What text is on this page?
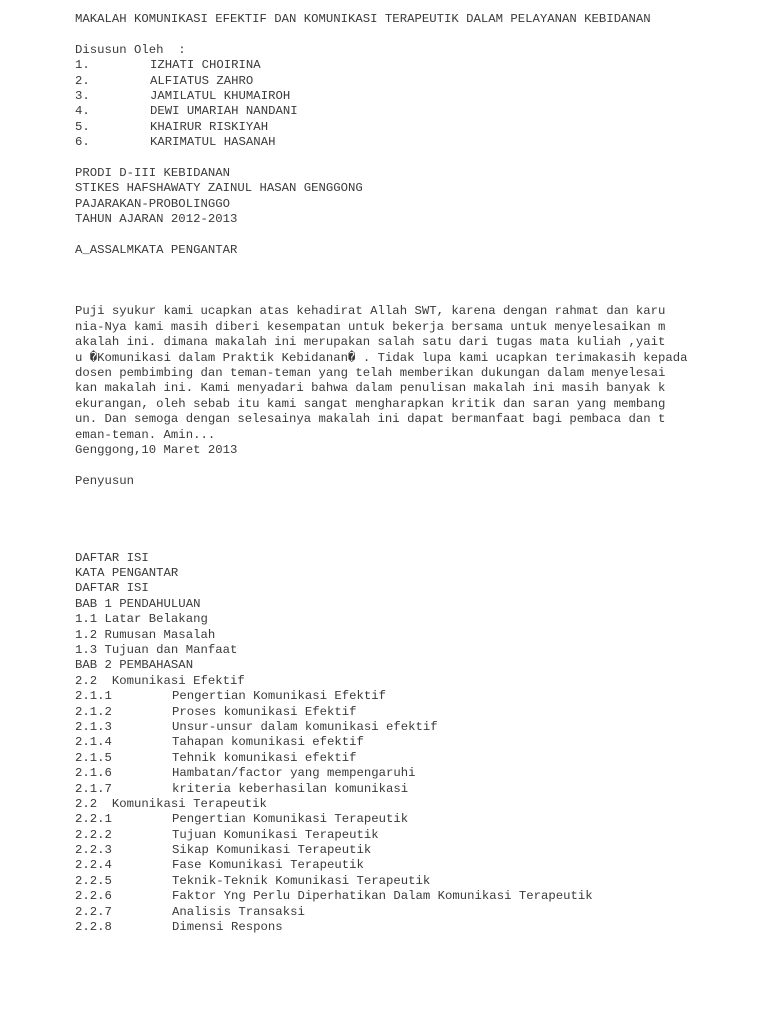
MAKALAH KOMUNIKASI EFEKTIF DAN KOMUNIKASI TERAPEUTIK DALAM PELAYANAN KEBIDANAN
Disusun Oleh  :
1.	IZHATI CHOIRINA
2.	ALFIATUS ZAHRO
3.	JAMILATUL KHUMAIROH
4.	DEWI UMARIAH NANDANI
5.	KHAIRUR RISKIYAH
6.	KARIMATUL HASANAH
PRODI D-III KEBIDANAN
STIKES HAFSHAWATY ZAINUL HASAN GENGGONG
PAJARAKAN-PROBOLINGGO
TAHUN AJARAN 2012-2013
A_ASSALMKATA PENGANTAR
Puji syukur kami ucapkan atas kehadirat Allah SWT, karena dengan rahmat dan karu
nia-Nya kami masih diberi kesempatan untuk bekerja bersama untuk menyelesaikan m
akalah ini. dimana makalah ini merupakan salah satu dari tugas mata kuliah ,yait
u �Komunikasi dalam Praktik Kebidanan� . Tidak lupa kami ucapkan terimakasih kepada
dosen pembimbing dan teman-teman yang telah memberikan dukungan dalam menyelesai
kan makalah ini. Kami menyadari bahwa dalam penulisan makalah ini masih banyak k
ekurangan, oleh sebab itu kami sangat mengharapkan kritik dan saran yang membang
un. Dan semoga dengan selesainya makalah ini dapat bermanfaat bagi pembaca dan t
eman-teman. Amin...
Genggong,10 Maret 2013
Penyusun
DAFTAR ISI
KATA PENGANTAR
DAFTAR ISI
BAB 1 PENDAHULUAN
1.1 Latar Belakang
1.2 Rumusan Masalah
1.3 Tujuan dan Manfaat
BAB 2 PEMBAHASAN
2.2  Komunikasi Efektif
2.1.1	Pengertian Komunikasi Efektif
2.1.2	Proses komunikasi Efektif
2.1.3	Unsur-unsur dalam komunikasi efektif
2.1.4	Tahapan komunikasi efektif
2.1.5	Tehnik komunikasi efektif
2.1.6	Hambatan/factor yang mempengaruhi
2.1.7	kriteria keberhasilan komunikasi
2.2  Komunikasi Terapeutik
2.2.1	Pengertian Komunikasi Terapeutik
2.2.2	Tujuan Komunikasi Terapeutik
2.2.3	Sikap Komunikasi Terapeutik
2.2.4	Fase Komunikasi Terapeutik
2.2.5	Teknik-Teknik Komunikasi Terapeutik
2.2.6	Faktor Yng Perlu Diperhatikan Dalam Komunikasi Terapeutik
2.2.7	Analisis Transaksi
2.2.8	Dimensi Respons
